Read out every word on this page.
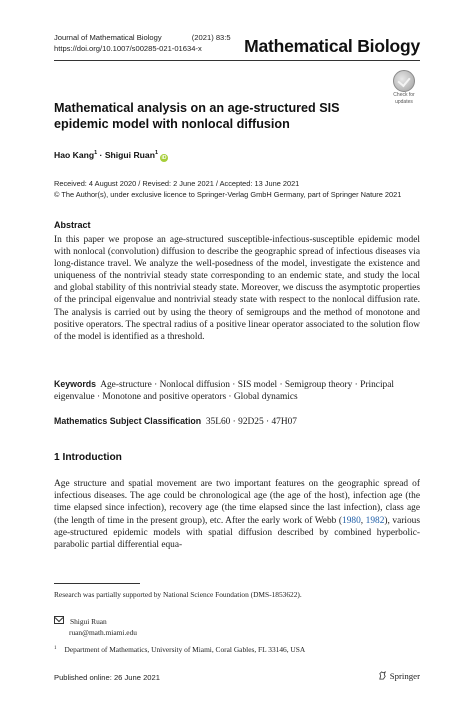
Journal of Mathematical Biology	(2021) 83:5
https://doi.org/10.1007/s00285-021-01634-x	Mathematical Biology
Check for
updates
Mathematical analysis on an age-structured SIS epidemic model with nonlocal diffusion
Hao Kang$^1$ · Shigui Ruan$^1$iD
Received: 4 August 2020 / Revised: 2 June 2021 / Accepted: 13 June 2021
© The Author(s), under exclusive licence to Springer-Verlag GmbH Germany, part of Springer Nature 2021
Abstract
In this paper we propose an age-structured susceptible-infectious-susceptible epidemic model with nonlocal (convolution) diffusion to describe the geographic spread of infectious diseases via long-distance travel. We analyze the well-posedness of the model, investigate the existence and uniqueness of the nontrivial steady state corresponding to an endemic state, and study the local and global stability of this nontrivial steady state. Moreover, we discuss the asymptotic properties of the principal eigenvalue and nontrivial steady state with respect to the nonlocal diffusion rate. The analysis is carried out by using the theory of semigroups and the method of monotone and positive operators. The spectral radius of a positive linear operator associated to the solution flow of the model is identified as a threshold.
Keywords Age-structure · Nonlocal diffusion · SIS model · Semigroup theory · Principal eigenvalue · Monotone and positive operators · Global dynamics
Mathematics Subject Classification 35L60 · 92D25 · 47H07
1 Introduction
Age structure and spatial movement are two important features on the geographic spread of infectious diseases. The age could be chronological age (the age of the host), infection age (the time elapsed since infection), recovery age (the time elapsed since the last infection), class age (the length of time in the present group), etc. After the early work of Webb (1980, 1982), various age-structured epidemic models with spatial diffusion described by combined hyperbolic-parabolic partial differential equa-
Research was partially supported by National Science Foundation (DMS-1853622).
Shigui Ruan
ruan@math.miami.edu
$^1$ Department of Mathematics, University of Miami, Coral Gables, FL 33146, USA
Published online: 26 June 2021	Springer
